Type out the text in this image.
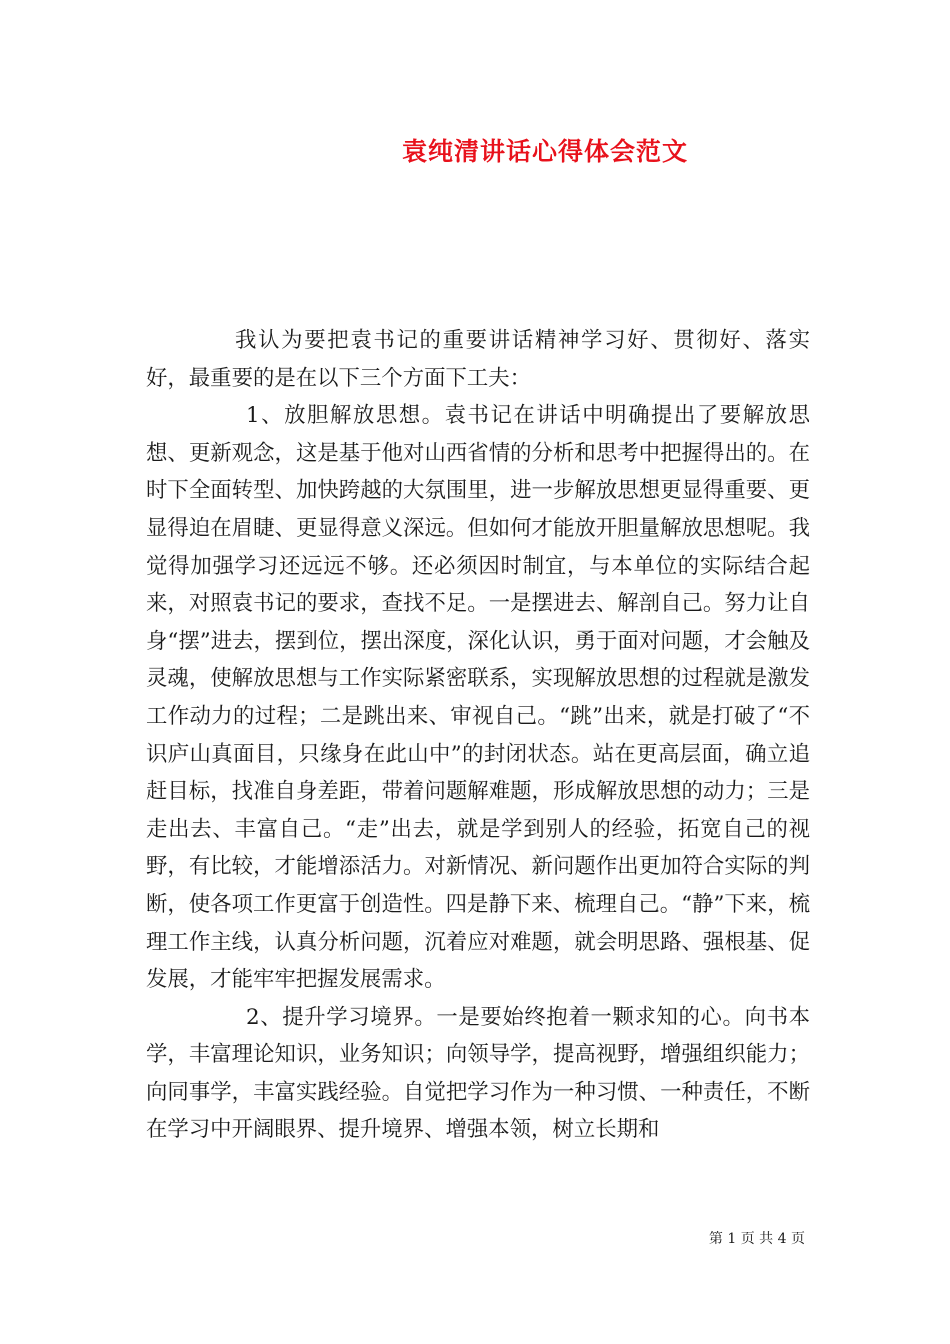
袁纯清讲话心得体会范文

我认为要把袁书记的重要讲话精神学习好、贯彻好、落实好，最重要的是在以下三个方面下工夫：

1、放胆解放思想。袁书记在讲话中明确提出了要解放思想、更新观念，这是基于他对山西省情的分析和思考中把握得出的。在时下全面转型、加快跨越的大氛围里，进一步解放思想更显得重要、更显得迫在眉睫、更显得意义深远。但如何才能放开胆量解放思想呢。我觉得加强学习还远远不够。还必须因时制宜，与本单位的实际结合起来，对照袁书记的要求，查找不足。一是摆进去、解剖自己。努力让自身“摆”进去，摆到位，摆出深度，深化认识，勇于面对问题，才会触及灵魂，使解放思想与工作实际紧密联系，实现解放思想的过程就是激发工作动力的过程；二是跳出来、审视自己。“跳”出来，就是打破了“不识庐山真面目，只缘身在此山中”的封闭状态。站在更高层面，确立追赶目标，找准自身差距，带着问题解难题，形成解放思想的动力；三是走出去、丰富自己。“走”出去，就是学到别人的经验，拓宽自己的视野，有比较，才能增添活力。对新情况、新问题作出更加符合实际的判断，使各项工作更富于创造性。四是静下来、梳理自己。“静”下来，梳理工作主线，认真分析问题，沉着应对难题，就会明思路、强根基、促发展，才能牢牢把握发展需求。

2、提升学习境界。一是要始终抱着一颗求知的心。向书本学，丰富理论知识，业务知识；向领导学，提高视野，增强组织能力；向同事学，丰富实践经验。自觉把学习作为一种习惯、一种责任，不断在学习中开阔眼界、提升境界、增强本领，树立长期和

第 1 页 共 4 页
